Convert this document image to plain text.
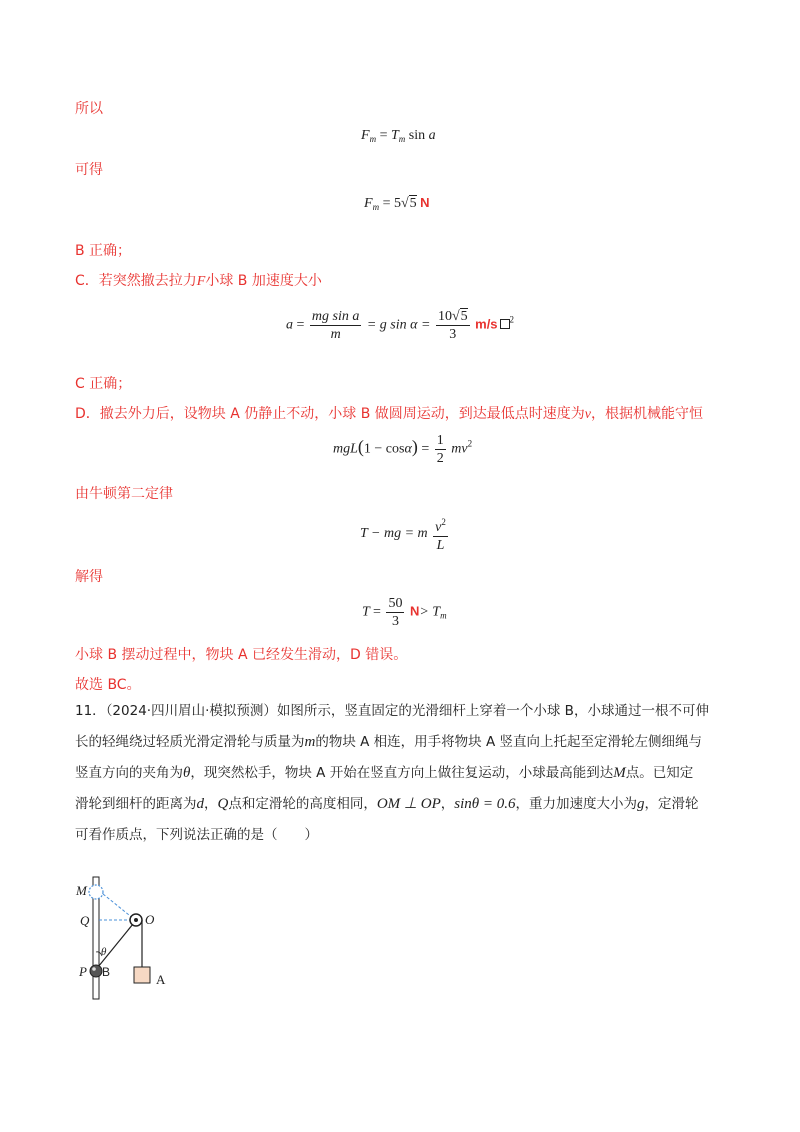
所以
$F_m = T_m$ sin a
可得
$F_m = 5√5$ N
B 正确；
C．若突然撤去拉力F小球 B 加速度大小
$a = \frac{\text{mg sin a}}{m} = g$ $\sin \alpha = \frac{10√5}{3} m/s$ $^2$
C 正确；
D．撤去外力后，设物块 A 仍静止不动，小球 B 做圆周运动，到达最低点时速度为v，根据机械能守恒
$mgL(1 - \cos\alpha) = \frac{1}{2} mv^2$
由牛顿第二定律
T − mg = m $\frac{v^2}{L}$
解得
$T = \frac{50}{3} N> T_m$
小球 B 摆动过程中，物块 A 已经发生滑动，D 错误。
故选 BC。
11．（2024·四川眉山·模拟预测）如图所示，竖直固定的光滑细杆上穿着一个小球 B，小球通过一根不可伸
长的轻绳绕过轻质光滑定滑轮与质量为m的物块 A 相连，用手将物块 A 竖直向上托起至定滑轮左侧细绳与
竖直方向的夹角为θ，现突然松手，物块 A 开始在竖直方向上做往复运动，小球最高能到达M点。已知定
滑轮到细杆的距离为d，Q点和定滑轮的高度相同，OM ⊥ OP，sinθ = 0.6，重力加速度大小为g，定滑轮
可看作质点，下列说法正确的是（　　）
M
Q	O
θ
P B	A
